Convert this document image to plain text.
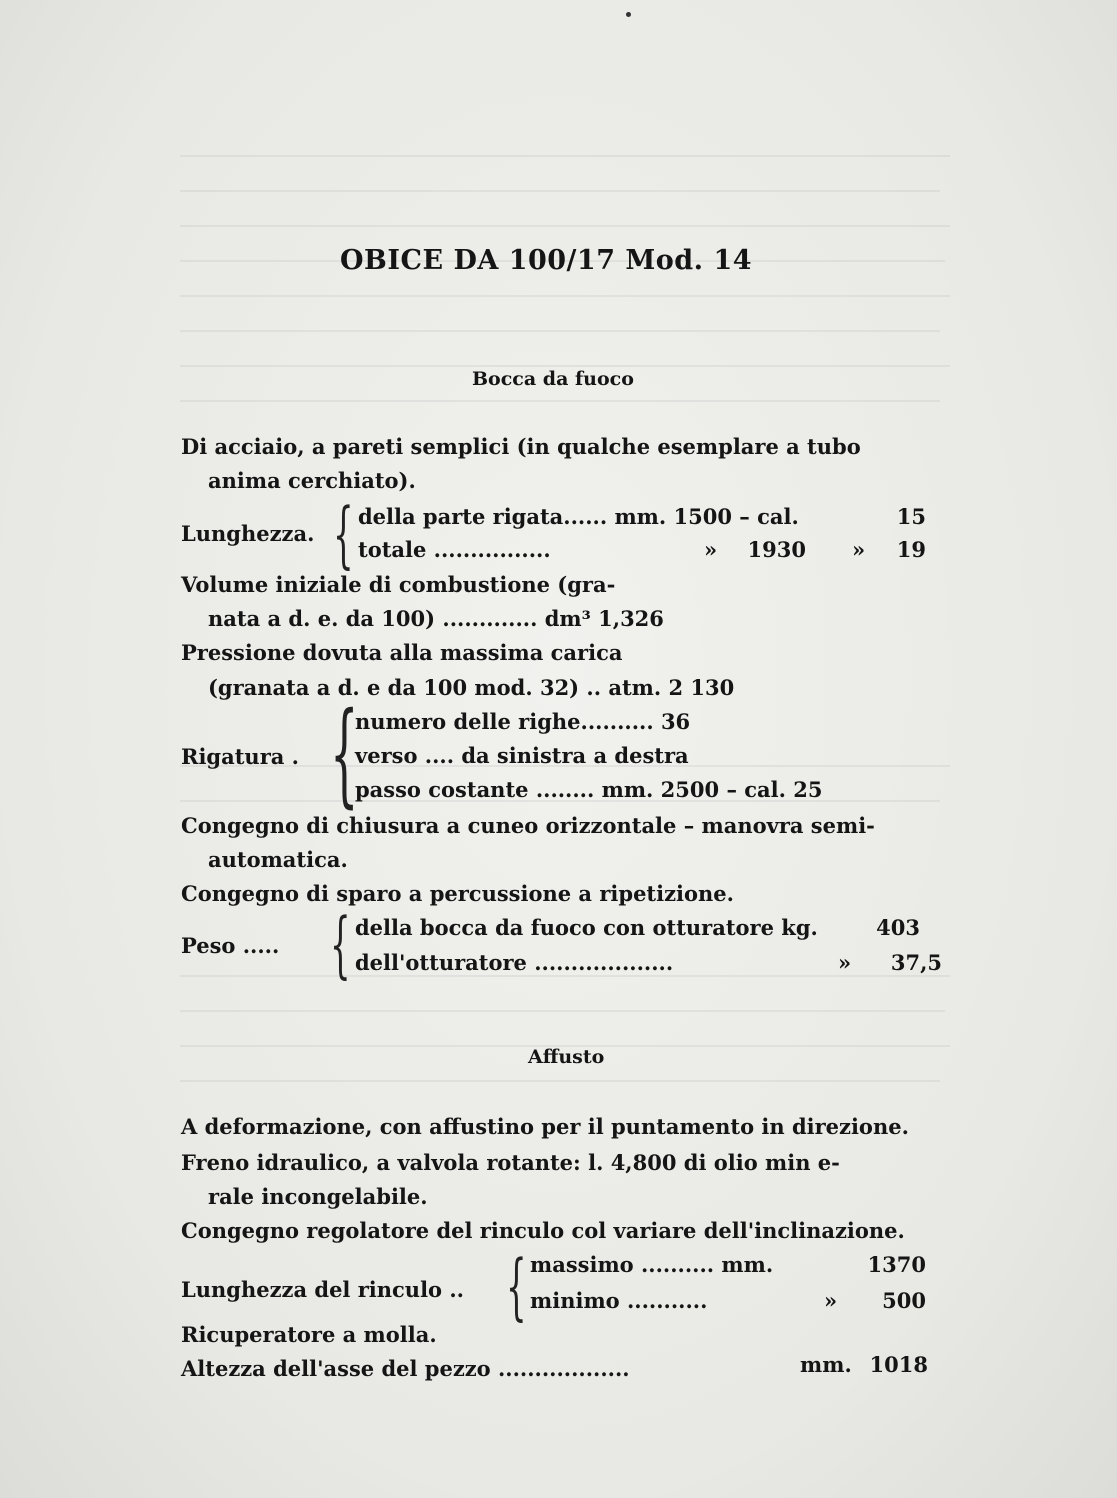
OBICE DA 100/17 Mod. 14
Bocca da fuoco
Di acciaio, a pareti semplici (in qualche esemplare a tubo
anima cerchiato).
Lunghezza. { della parte rigata...... mm. 1500 – cal.	15
totale ................	»	1930 »	19
Volume iniziale di combustione (gra-
nata a d. e. da 100) ............. dm³ 1,326
Pressione dovuta alla massima carica
(granata a d. e da 100 mod. 32) .. atm. 2 130
Rigatura . {
numero delle righe.......... 36
verso .... da sinistra a destra
passo costante ........ mm. 2500 – cal. 25
Congegno di chiusura a cuneo orizzontale – manovra semi-
automatica.
Congegno di sparo a percussione a ripetizione.
Peso ..... { della bocca da fuoco con otturatore kg.	403
dell'otturatore ...................	»	37,5
Affusto
A deformazione, con affustino per il puntamento in direzione.
Freno idraulico, a valvola rotante: l. 4,800 di olio min e-
rale incongelabile.
Congegno regolatore del rinculo col variare dell'inclinazione.
Lunghezza del rinculo .. { massimo .......... mm.	1370
minimo ...........	»	500
Ricuperatore a molla.
Altezza dell'asse del pezzo ..................	mm. 1018
